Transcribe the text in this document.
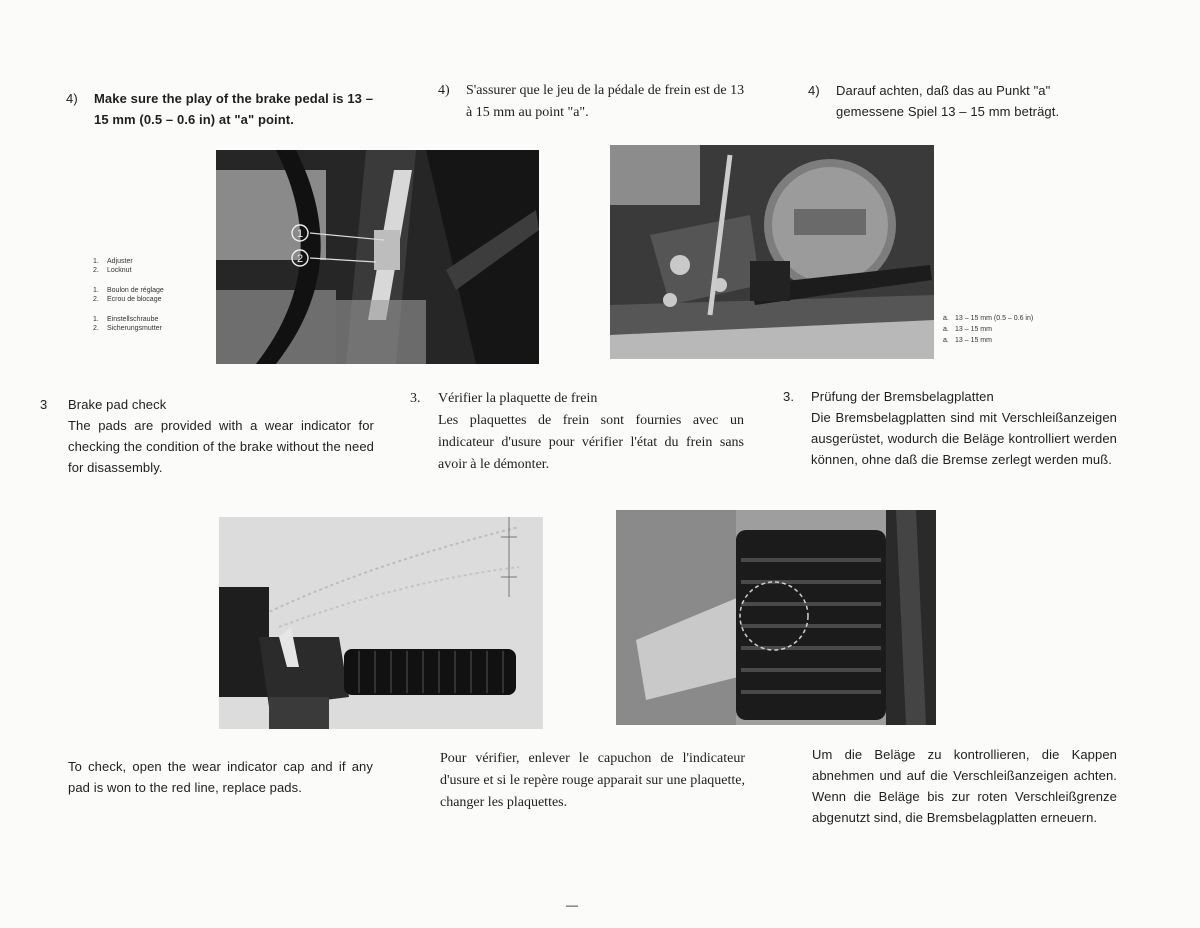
4)	Make sure the play of the brake pedal is 13 – 15 mm (0.5 – 0.6 in) at "a" point.
4)	S'assurer que le jeu de la pédale de frein est de 13 à 15 mm au point "a".
4)	Darauf achten, daß das au Punkt "a" gemessene Spiel 13 – 15 mm beträgt.
1.	Adjuster
2.	Locknut
1.	Boulon de réglage
2.	Ecrou de blocage
1.	Einstellschraube
2.	Sicherungsmutter
1
2
a. 13 – 15 mm (0.5 – 0.6 in)
a. 13 – 15 mm
a. 13 – 15 mm
3	Brake pad check
The pads are provided with a wear indicator for checking the condition of the brake without the need for disassembly.
3.	Vérifier la plaquette de frein
Les plaquettes de frein sont fournies avec un indicateur d'usure pour vérifier l'état du frein sans avoir à le démonter.
3.	Prüfung der Bremsbelagplatten
Die Bremsbelagplatten sind mit Verschleißanzeigen ausgerüstet, wodurch die Beläge kontrolliert werden können, ohne daß die Bremse zerlegt werden muß.
To check, open the wear indicator cap and if any pad is won to the red line, replace pads.
Pour vérifier, enlever le capuchon de l'indicateur d'usure et si le repère rouge apparait sur une plaquette, changer les plaquettes.
Um die Beläge zu kontrollieren, die Kappen abnehmen und auf die Verschleißanzeigen achten. Wenn die Beläge bis zur roten Verschleißgrenze abgenutzt sind, die Bremsbelagplatten erneuern.
—
